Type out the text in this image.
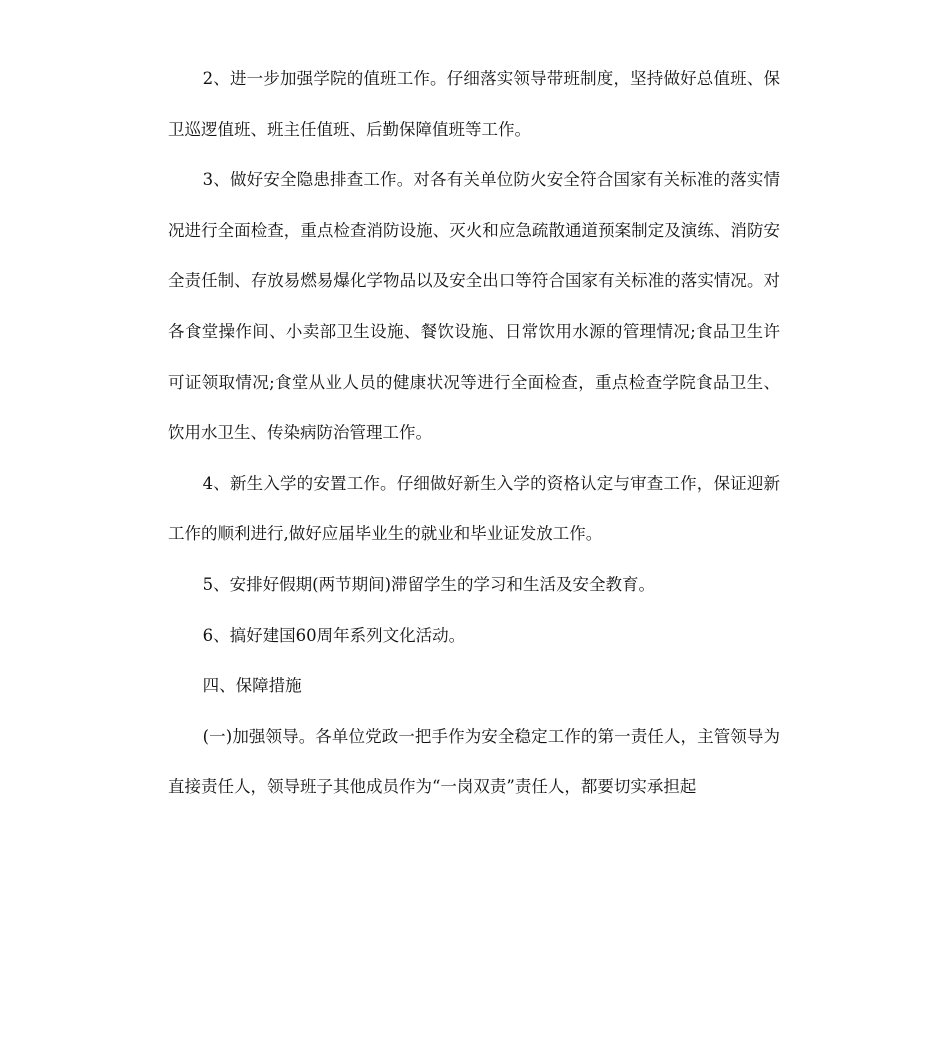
2、进一步加强学院的值班工作。仔细落实领导带班制度，坚持做好总值班、保卫巡逻值班、班主任值班、后勤保障值班等工作。

3、做好安全隐患排查工作。对各有关单位防火安全符合国家有关标准的落实情况进行全面检查，重点检查消防设施、灭火和应急疏散通道预案制定及演练、消防安全责任制、存放易燃易爆化学物品以及安全出口等符合国家有关标准的落实情况。对各食堂操作间、小卖部卫生设施、餐饮设施、日常饮用水源的管理情况;食品卫生许可证领取情况;食堂从业人员的健康状况等进行全面检查，重点检查学院食品卫生、饮用水卫生、传染病防治管理工作。

4、新生入学的安置工作。仔细做好新生入学的资格认定与审查工作，保证迎新工作的顺利进行,做好应届毕业生的就业和毕业证发放工作。

5、安排好假期(两节期间)滞留学生的学习和生活及安全教育。

6、搞好建国60周年系列文化活动。

四、保障措施

(一)加强领导。各单位党政一把手作为安全稳定工作的第一责任人，主管领导为直接责任人，领导班子其他成员作为“一岗双责”责任人，都要切实承担起
